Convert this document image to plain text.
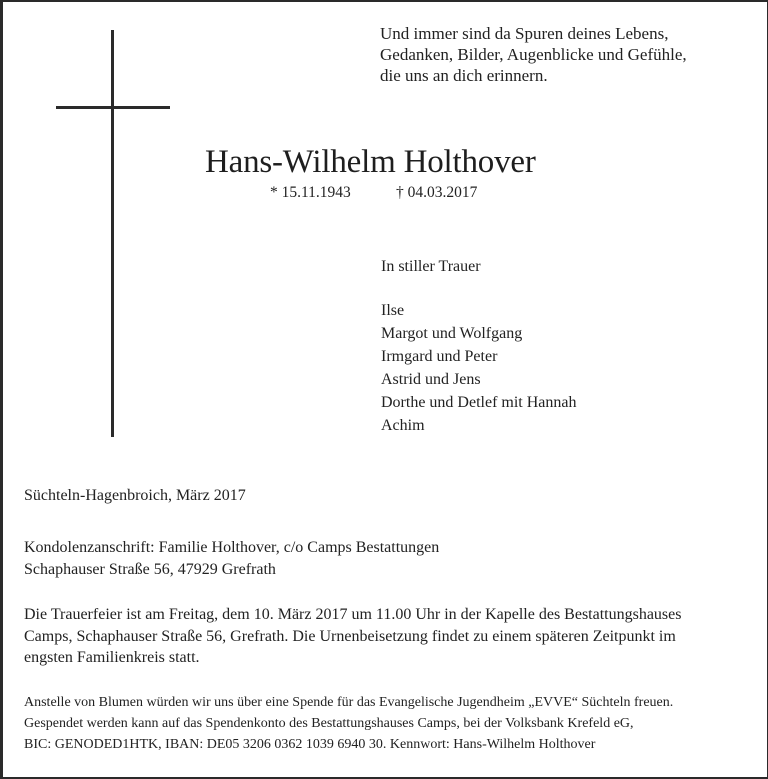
Und immer sind da Spuren deines Lebens,
Gedanken, Bilder, Augenblicke und Gefühle,
die uns an dich erinnern.
Hans-Wilhelm Holthover
* 15.11.1943	† 04.03.2017
In stiller Trauer
Ilse
Margot und Wolfgang
Irmgard und Peter
Astrid und Jens
Dorthe und Detlef mit Hannah
Achim
Süchteln-Hagenbroich, März 2017
Kondolenzanschrift: Familie Holthover, c/o Camps Bestattungen
Schaphauser Straße 56, 47929 Grefrath
Die Trauerfeier ist am Freitag, dem 10. März 2017 um 11.00 Uhr in der Kapelle des Bestattungshauses
Camps, Schaphauser Straße 56, Grefrath. Die Urnenbeisetzung findet zu einem späteren Zeitpunkt im
engsten Familienkreis statt.
Anstelle von Blumen würden wir uns über eine Spende für das Evangelische Jugendheim „EVVE“ Süchteln freuen.
Gespendet werden kann auf das Spendenkonto des Bestattungshauses Camps, bei der Volksbank Krefeld eG,
BIC: GENODED1HTK, IBAN: DE05 3206 0362 1039 6940 30. Kennwort: Hans-Wilhelm Holthover
